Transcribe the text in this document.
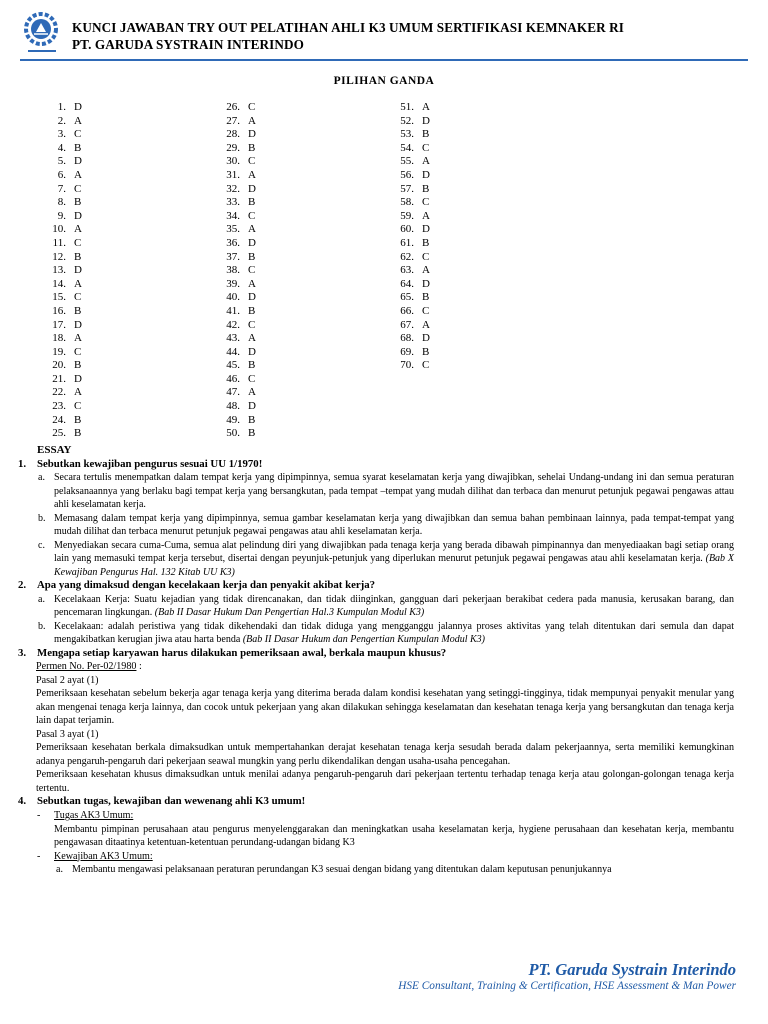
KUNCI JAWABAN TRY OUT PELATIHAN AHLI K3 UMUM SERTIFIKASI KEMNAKER RI
PT. GARUDA SYSTRAIN INTERINDO
PILIHAN GANDA
1. D
2. A
3. C
4. B
5. D
6. A
7. C
8. B
9. D
10. A
11. C
12. B
13. D
14. A
15. C
16. B
17. D
18. A
19. C
20. B
21. D
22. A
23. C
24. B
25. B
26. C
27. A
28. D
29. B
30. C
31. A
32. D
33. B
34. C
35. A
36. D
37. B
38. C
39. A
40. D
41. B
42. C
43. A
44. D
45. B
46. C
47. A
48. D
49. B
50. B
51. A
52. D
53. B
54. C
55. A
56. D
57. B
58. C
59. A
60. D
61. B
62. C
63. A
64. D
65. B
66. C
67. A
68. D
69. B
70. C
ESSAY
1. Sebutkan kewajiban pengurus sesuai UU 1/1970!
a. Secara tertulis menempatkan dalam tempat kerja yang dipimpinnya, semua syarat keselamatan kerja yang diwajibkan, sehelai Undang-undang ini dan semua peraturan pelaksanaannya yang berlaku bagi tempat kerja yang bersangkutan, pada tempat –tempat yang mudah dilihat dan terbaca dan menurut petunjuk pegawai pengawas attau ahli keselamatan kerja.
b. Memasang dalam tempat kerja yang dipimpinnya, semua gambar keselamatan kerja yang diwajibkan dan semua bahan pembinaan lainnya, pada tempat-tempat yang mudah dilihat dan terbaca menurut petunjuk pegawai pengawas atau ahli keselamatan kerja.
c. Menyediakan secara cuma-Cuma, semua alat pelindung diri yang diwajibkan pada tenaga kerja yang berada dibawah pimpinannya dan menyediaakan bagi setiap orang lain yang memasuki tempat kerja tersebut, disertai dengan peyunjuk-petunjuk yang diperlukan menurut petunjuk pegawai pengawas atau ahli keselamatan kerja. (Bab X Kewajiban Pengurus Hal. 132 Kitab UU K3)
2. Apa yang dimaksud dengan kecelakaan kerja dan penyakit akibat kerja?
a. Kecelakaan Kerja: Suatu kejadian yang tidak direncanakan, dan tidak diinginkan, gangguan dari pekerjaan berakibat cedera pada manusia, kerusakan barang, dan pencemaran lingkungan. (Bab II Dasar Hukum Dan Pengertian Hal.3 Kumpulan Modul K3)
b. Kecelakaan: adalah peristiwa yang tidak dikehendaki dan tidak diduga yang mengganggu jalannya proses aktivitas yang telah ditentukan dari semula dan dapat mengakibatkan kerugian jiwa atau harta benda (Bab II Dasar Hukum dan Pengertian Kumpulan Modul K3)
3. Mengapa setiap karyawan harus dilakukan pemeriksaan awal, berkala maupun khusus?
Permen No. Per-02/1980 :
Pasal 2 ayat (1)
Pemeriksaan kesehatan sebelum bekerja agar tenaga kerja yang diterima berada dalam kondisi kesehatan yang setinggi-tingginya, tidak mempunyai penyakit menular yang akan mengenai tenaga kerja lainnya, dan cocok untuk pekerjaan yang akan dilakukan sehingga keselamatan dan kesehatan tenaga kerja yang bersangkutan dan tenaga kerja lain dapat terjamin.
Pasal 3 ayat (1)
Pemeriksaan kesehatan berkala dimaksudkan untuk mempertahankan derajat kesehatan tenaga kerja sesudah berada dalam pekerjaannya, serta memiliki kemungkinan adanya pengaruh-pengaruh dari pekerjaan seawal mungkin yang perlu dikendalikan dengan usaha-usaha pencegahan.
Pemeriksaan kesehatan khusus dimaksudkan untuk menilai adanya pengaruh-pengaruh dari pekerjaan tertentu terhadap tenaga kerja atau golongan-golongan tenaga kerja tertentu.
4. Sebutkan tugas, kewajiban dan wewenang ahli K3 umum!
- Tugas AK3 Umum:
Membantu pimpinan perusahaan atau pengurus menyelenggarakan dan meningkatkan usaha keselamatan kerja, hygiene perusahaan dan kesehatan kerja, membantu pengawasan ditaatinya ketentuan-ketentuan perundang-udangan bidang K3
- Kewajiban AK3 Umum:
a. Membantu mengawasi pelaksanaan peraturan perundangan K3 sesuai dengan bidang yang ditentukan dalam keputusan penunjukannya
PT. Garuda Systrain Interindo
HSE Consultant, Training & Certification, HSE Assessment & Man Power
